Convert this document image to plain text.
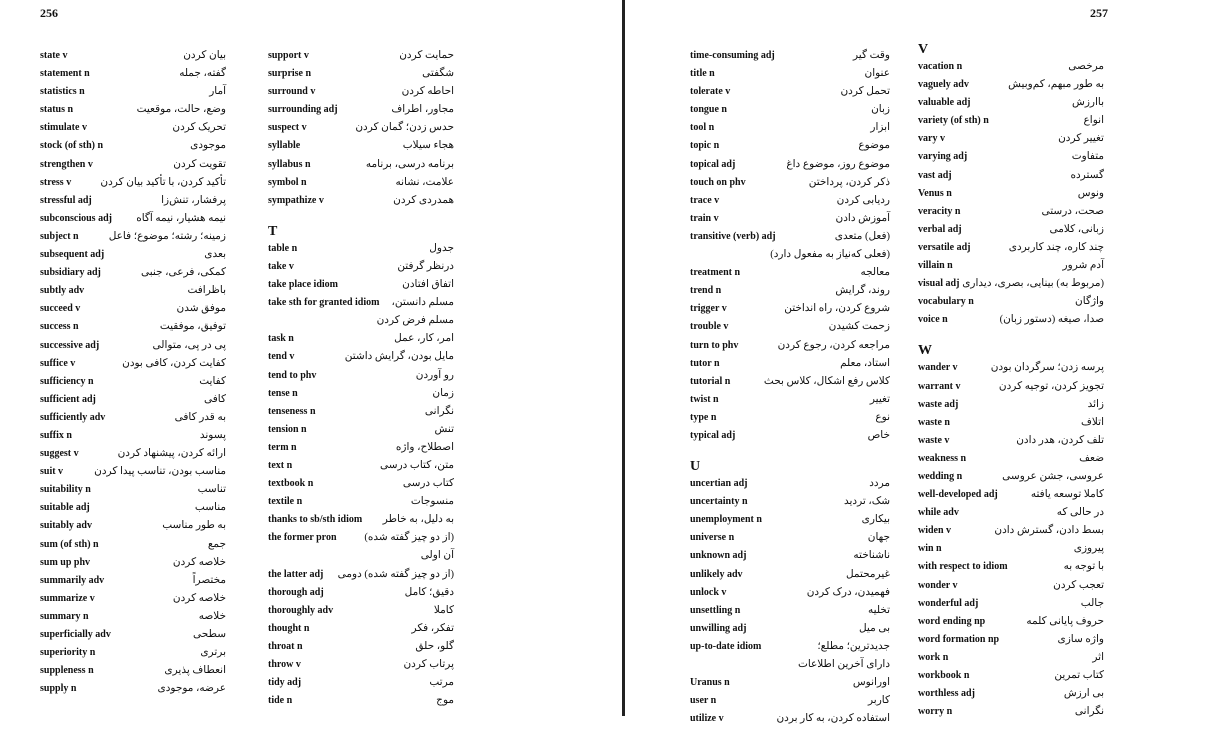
state v	بیان کردن
statement n	گفته، جمله
statistics n	آمار
status n	وضع، حالت، موقعیت
stimulate v	تحریک کردن
stock (of sth) n	موجودی
strengthen v	تقویت کردن
stress v	تأکید کردن، با تأکید بیان کردن
stressful adj	پرفشار، تنش‌زا
subconscious adj نیمه هشیار، نیمه آگاه
subject n	زمینه؛ رشته؛ موضوع؛ فاعل
subsequent adj	بعدی
subsidiary adj	کمکی، فرعی، جنبی
subtly adv	باظرافت
succeed v	موفق شدن
success n	توفیق، موفقیت
successive adj	پی در پی، متوالی
suffice v	کفایت کردن، کافی بودن
sufficiency n	کفایت
sufficient adj	کافی
sufficiently adv	به قدر کافی
suffix n	پسوند
suggest v	ارائه کردن، پیشنهاد کردن
suit v	مناسب بودن، تناسب پیدا کردن
suitability n	تناسب
suitable adj	مناسب
suitably adv	به طور مناسب
sum (of sth) n	جمع
sum up phv	خلاصه کردن
summarily adv	مختصراً
summarize v	خلاصه کردن
summary n	خلاصه
superficially adv	سطحی
superiority n	برتری
suppleness n	انعطاف پذیری
supply n	عرضه، موجودی
support v	حمایت کردن
surprise n	شگفتی
surround v	احاطه کردن
surrounding adj	مجاور، اطراف
suspect v	حدس زدن؛ گمان کردن
syllable	هجاء سیلاب
syllabus n	برنامه درسی، برنامه
symbol n	علامت، نشانه
sympathize v	همدردی کردن
T
table n	جدول
take v	درنظر گرفتن
take place idiom	اتفاق افتادن
take sth for granted idiom مسلم دانستن،
مسلم فرض کردن
task n	امر، کار، عمل
tend v	مایل بودن، گرایش داشتن
tend to phv	رو آوردن
tense n	زمان
tenseness n	نگرانی
tension n	تنش
term n	اصطلاح، واژه
text n	متن، کتاب درسی
textbook n	کتاب درسی
textile n	منسوجات
thanks to sb/sth idiom به دلیل، به خاطر
the former pron	(از دو چیز گفته شده)
آن اولی
the latter adj (از دو چیز گفته شده) دومی
thorough adj	دقیق؛ کامل
thoroughly adv	کاملا
thought n	تفکر، فکر
throat n	گلو، حلق
throw v	پرتاب کردن
tidy adj	مرتب
tide n	موج
256
time-consuming adj	وقت گیر
title n	عنوان
tolerate v	تحمل کردن
tongue n	زبان
tool n	ابزار
topic n	موضوع
topical adj	موضوع روز، موضوع داغ
touch on phv	ذکر کردن، پرداختن
trace v	ردیابی کردن
train v	آموزش دادن
transitive (verb) adj	(فعل) متعدی
(فعلی که‌نیاز به مفعول دارد)
treatment n	معالجه
trend n	روند، گرایش
trigger v	شروع کردن، راه انداختن
trouble v	زحمت کشیدن
turn to phv	مراجعه کردن، رجوع کردن
tutor n	استاد، معلم
tutorial n	کلاس رفع اشکال، کلاس بحث
twist n	تغییر
type n	نوع
typical adj	خاص
U
uncertian adj	مردد
uncertainty n	شک، تردید
unemployment n	بیکاری
universe n	جهان
unknown adj	ناشناخته
unlikely adv	غیرمحتمل
unlock v	فهمیدن، درک کردن
unsettling n	تخلیه
unwilling adj	بی میل
up-to-date idiom	جدیدترین؛ مطلع؛
دارای آخرین اطلاعات
Uranus n	اورانوس
user n	کاربر
utilize v	استفاده کردن، به کار بردن
V
vacation n	مرخصی
vaguely adv	به طور مبهم، کم‌وبیش
valuable adj	باارزش
variety (of sth) n	انواع
vary v	تغییر کردن
varying adj	متفاوت
vast adj	گسترده
Venus n	ونوس
veracity n	صحت، درستی
verbal adj	زبانی، کلامی
versatile adj	چند کاره، چند کاربردی
villain n	آدم شرور
visual adj (مربوط به) بینایی، بصری، دیداری
vocabulary n	واژگان
voice n	صدا، صیغه (دستور زبان)
W
wander v	پرسه زدن؛ سرگردان بودن
warrant v	تجویز کردن، توجیه کردن
waste adj	زائد
waste n	اتلاف
waste v	تلف کردن، هدر دادن
weakness n	ضعف
wedding n	عروسی، جشن عروسی
well-developed adj	کاملا توسعه یافته
while adv	در حالی که
widen v	بسط دادن، گسترش دادن
win n	پیروزی
with respect to idiom	با توجه به
wonder v	تعجب کردن
wonderful adj	جالب
word ending np	حروف پایانی کلمه
word formation np	واژه سازی
work n	اثر
workbook n	کتاب تمرین
worthless adj	بی ارزش
worry n	نگرانی
257
